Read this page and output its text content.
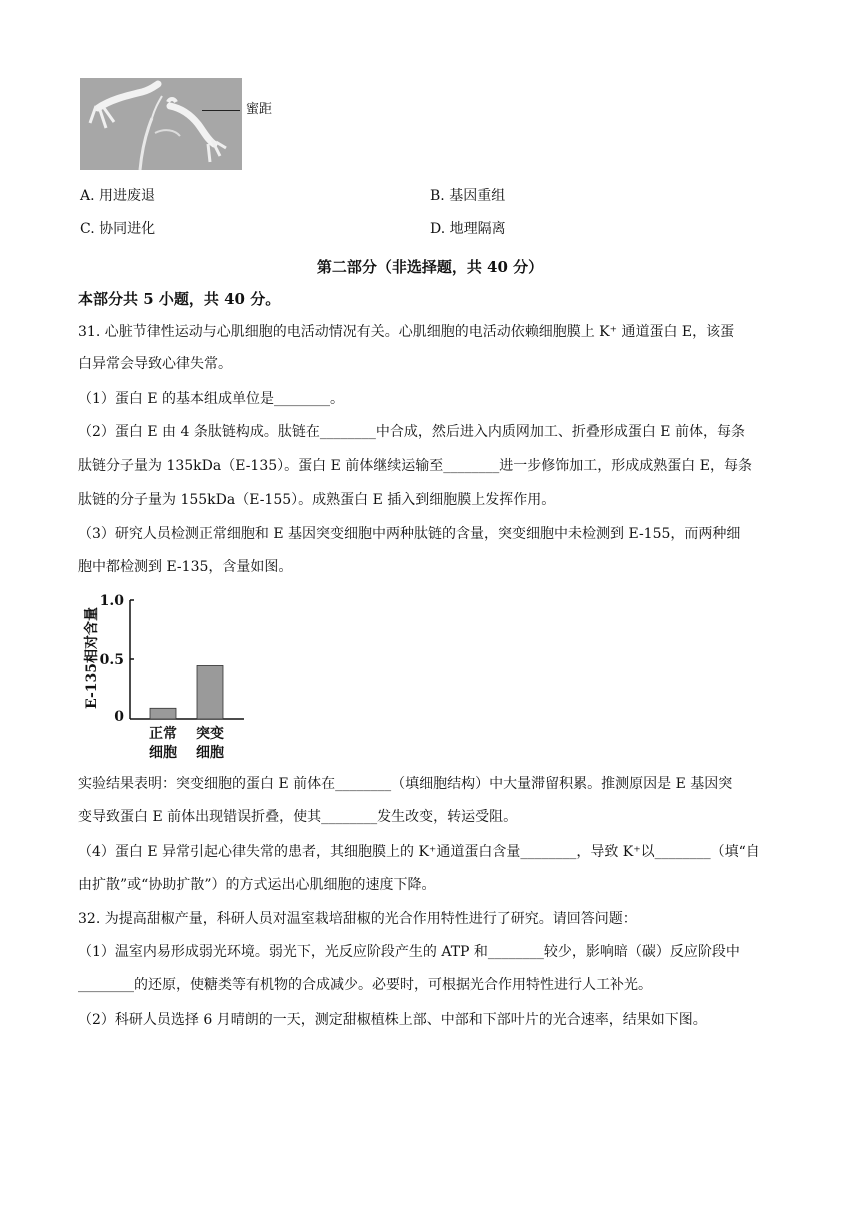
蜜距
A. 用进废退	B. 基因重组
C. 协同进化	D. 地理隔离
第二部分（非选择题，共 40 分）
本部分共 5 小题，共 40 分。
31. 心脏节律性运动与心肌细胞的电活动情况有关。心肌细胞的电活动依赖细胞膜上 K⁺ 通道蛋白 E，该蛋
白异常会导致心律失常。
（1）蛋白 E 的基本组成单位是________。
（2）蛋白 E 由 4 条肽链构成。肽链在________中合成，然后进入内质网加工、折叠形成蛋白 E 前体，每条
肽链分子量为 135kDa（E-135）。蛋白 E 前体继续运输至________进一步修饰加工，形成成熟蛋白 E，每条
肽链的分子量为 155kDa（E-155）。成熟蛋白 E 插入到细胞膜上发挥作用。
（3）研究人员检测正常细胞和 E 基因突变细胞中两种肽链的含量，突变细胞中未检测到 E-155，而两种细
胞中都检测到 E-135，含量如图。
E-135相对含量
1.0
0.5
0
正常
细胞
突变
细胞
实验结果表明：突变细胞的蛋白 E 前体在________（填细胞结构）中大量滞留积累。推测原因是 E 基因突
变导致蛋白 E 前体出现错误折叠，使其________发生改变，转运受阻。
（4）蛋白 E 异常引起心律失常的患者，其细胞膜上的 K⁺通道蛋白含量________，导致 K⁺以________（填“自
由扩散”或“协助扩散”）的方式运出心肌细胞的速度下降。
32. 为提高甜椒产量，科研人员对温室栽培甜椒的光合作用特性进行了研究。请回答问题：
（1）温室内易形成弱光环境。弱光下，光反应阶段产生的 ATP 和________较少，影响暗（碳）反应阶段中
________的还原，使糖类等有机物的合成减少。必要时，可根据光合作用特性进行人工补光。
（2）科研人员选择 6 月晴朗的一天，测定甜椒植株上部、中部和下部叶片的光合速率，结果如下图。
